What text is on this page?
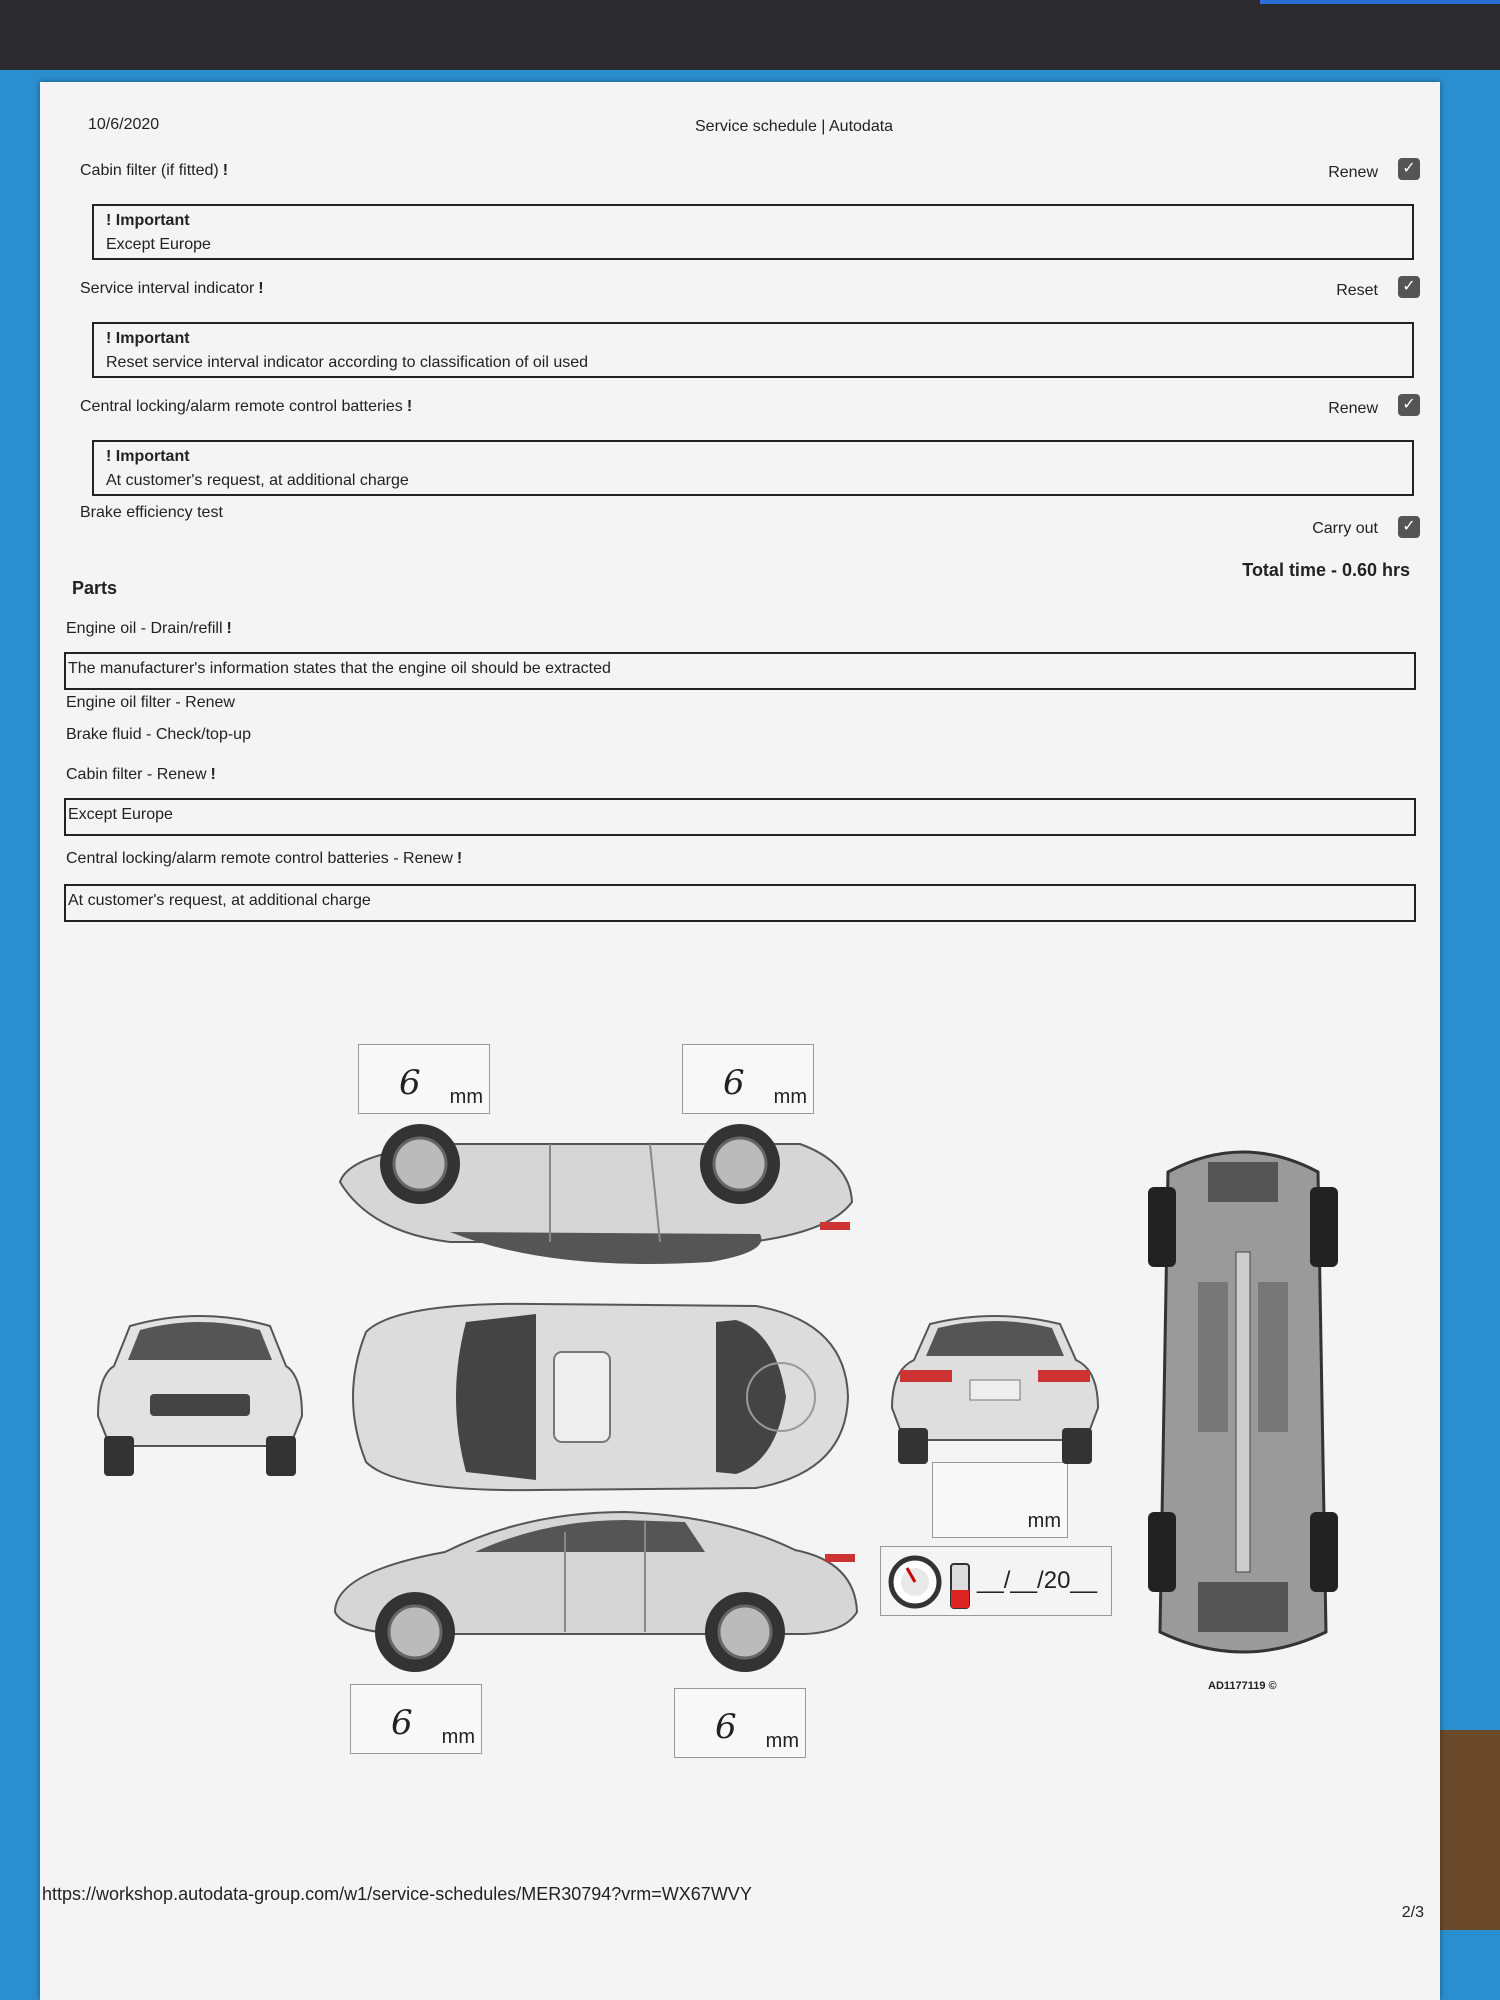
10/6/2020	Service schedule | Autodata
Cabin filter (if fitted) !	Renew ✓
! Important
Except Europe
Service interval indicator !	Reset ✓
! Important
Reset service interval indicator according to classification of oil used
Central locking/alarm remote control batteries !	Renew ✓
! Important
At customer's request, at additional charge
Brake efficiency test
Carry out ✓
Total time - 0.60 hrs
Parts
Engine oil - Drain/refill !
The manufacturer's information states that the engine oil should be extracted
Engine oil filter - Renew
Brake fluid - Check/top-up
Cabin filter - Renew !
Except Europe
Central locking/alarm remote control batteries - Renew !
At customer's request, at additional charge
6 mm	6 mm
6 mm	6 mm
mm
__/__/20__
AD1177119 ©
https://workshop.autodata-group.com/w1/service-schedules/MER30794?vrm=WX67WVY
2/3
